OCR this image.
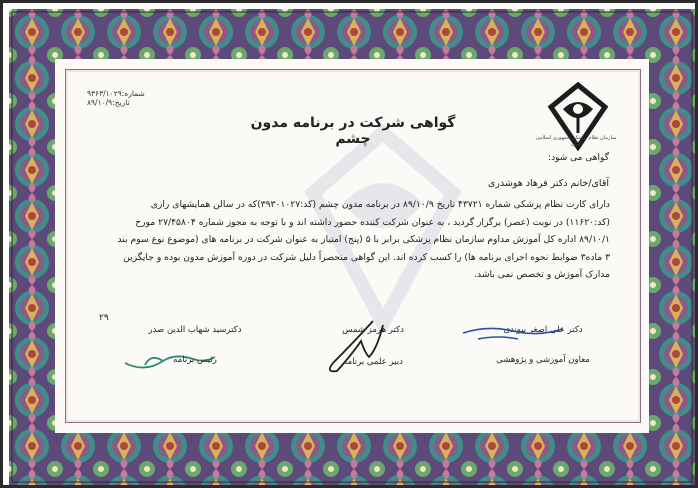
شماره:۹۳۶۳/۱۰۲۹
تاریخ:۸۹/۱۰/۹
گواهی شرکت در برنامه مدون چشم	سازمان نظام پزشکی جمهوری اسلامی ایران
گواهی می شود:
آقای/خانم دکتر فرهاد هوشدری
دارای کارت نظام پزشکی شماره ۴۳۷۲۱ تاریخ ۸۹/۱۰/۹ در برنامه مدون چشم (کد:۳۹۳۰۱۰۲۷)که در سالن همایشهای رازی
(کد:۱۱۶۲۰) در نوبت (عصر) برگزار گردید ، به عنوان شرکت کننده حضور داشته اند و با توجه به مجوز شماره ۲۷/۴۵۸۰۴ مورخ
۸۹/۱۰/۱ اداره کل آموزش مداوم سازمان نظام پزشکی برابر با ۵ (پنج) امتیاز به عنوان شرکت در برنامه های (موضوع نوع سوم بند
۳ ماده۳ ضوابط نحوه اجرای برنامه ها) را کسب کرده اند. این گواهی منحصراً دلیل شرکت در دوره آموزش مدون بوده و جایگزین
مدارک آموزش و تخصص نمی باشد.
۲۹
دکتر علی اصغر پیوندی
معاون آموزشی و پژوهشی
دکتر هرمز شمس
دبیر علمی برنامه
دکترسید شهاب الدین صدر
رئیس برنامه
